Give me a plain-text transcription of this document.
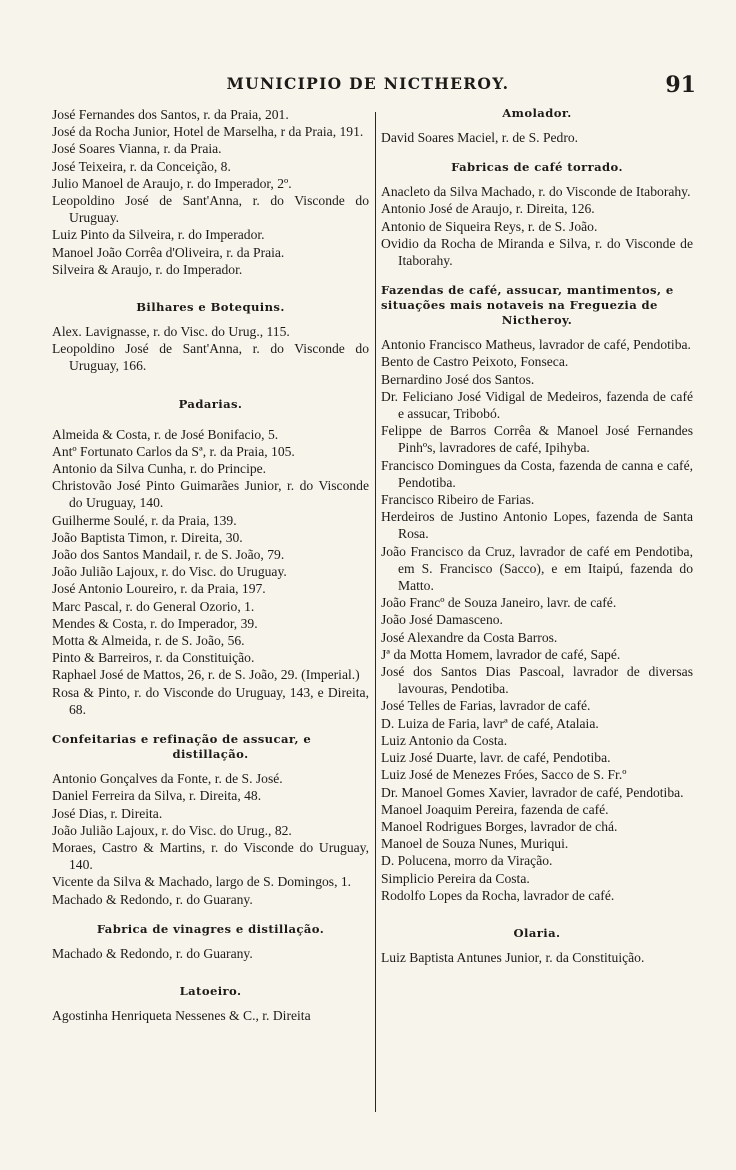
MUNICIPIO DE NICTHEROY.	91

José Fernandes dos Santos, r. da Praia, 201.

José da Rocha Junior, Hotel de Marselha, r da Praia, 191.

José Soares Vianna, r. da Praia.

José Teixeira, r. da Conceição, 8.

Julio Manoel de Araujo, r. do Imperador, 2º.

Leopoldino José de Sant'Anna, r. do Visconde do Uruguay.

Luiz Pinto da Silveira, r. do Imperador.

Manoel João Corrêa d'Oliveira, r. da Praia.

Silveira & Araujo, r. do Imperador.

Bilhares e Botequins.

Alex. Lavignasse, r. do Visc. do Urug., 115.

Leopoldino José de Sant'Anna, r. do Visconde do Uruguay, 166.

Padarias.

Almeida & Costa, r. de José Bonifacio, 5.

Antº Fortunato Carlos da Sª, r. da Praia, 105.

Antonio da Silva Cunha, r. do Principe.

Christovão José Pinto Guimarães Junior, r. do Visconde do Uruguay, 140.

Guilherme Soulé, r. da Praia, 139.

João Baptista Timon, r. Direita, 30.

João dos Santos Mandail, r. de S. João, 79.

João Julião Lajoux, r. do Visc. do Uruguay.

José Antonio Loureiro, r. da Praia, 197.

Marc Pascal, r. do General Ozorio, 1.

Mendes & Costa, r. do Imperador, 39.

Motta & Almeida, r. de S. João, 56.

Pinto & Barreiros, r. da Constituição.

Raphael José de Mattos, 26, r. de S. João, 29. (Imperial.)

Rosa & Pinto, r. do Visconde do Uruguay, 143, e Direita, 68.

Confeitarias e refinação de assucar, e distillação.

Antonio Gonçalves da Fonte, r. de S. José.

Daniel Ferreira da Silva, r. Direita, 48.

José Dias, r. Direita.

João Julião Lajoux, r. do Visc. do Urug., 82.

Moraes, Castro & Martins, r. do Visconde do Uruguay, 140.

Vicente da Silva & Machado, largo de S. Domingos, 1.

Machado & Redondo, r. do Guarany.

Fabrica de vinagres e distillação.

Machado & Redondo, r. do Guarany.

Latoeiro.

Agostinha Henriqueta Nessenes & C., r. Direita

Amolador.

David Soares Maciel, r. de S. Pedro.

Fabricas de café torrado.

Anacleto da Silva Machado, r. do Visconde de Itaborahy.

Antonio José de Araujo, r. Direita, 126.

Antonio de Siqueira Reys, r. de S. João.

Ovidio da Rocha de Miranda e Silva, r. do Visconde de Itaborahy.

Fazendas de café, assucar, mantimentos, e situações mais notaveis na Freguezia de Nictheroy.

Antonio Francisco Matheus, lavrador de café, Pendotiba.

Bento de Castro Peixoto, Fonseca.

Bernardino José dos Santos.

Dr. Feliciano José Vidigal de Medeiros, fazenda de café e assucar, Tribobó.

Felippe de Barros Corrêa & Manoel José Fernandes Pinhºs, lavradores de café, Ipihyba.

Francisco Domingues da Costa, fazenda de canna e café, Pendotiba.

Francisco Ribeiro de Farias.

Herdeiros de Justino Antonio Lopes, fazenda de Santa Rosa.

João Francisco da Cruz, lavrador de café em Pendotiba, em S. Francisco (Sacco), e em Itaipú, fazenda do Matto.

João Francº de Souza Janeiro, lavr. de café.

João José Damasceno.

José Alexandre da Costa Barros.

Jª da Motta Homem, lavrador de café, Sapé.

José dos Santos Dias Pascoal, lavrador de diversas lavouras, Pendotiba.

José Telles de Farias, lavrador de café.

D. Luiza de Faria, lavrª de café, Atalaia.

Luiz Antonio da Costa.

Luiz José Duarte, lavr. de café, Pendotiba.

Luiz José de Menezes Fróes, Sacco de S. Fr.º

Dr. Manoel Gomes Xavier, lavrador de café, Pendotiba.

Manoel Joaquim Pereira, fazenda de café.

Manoel Rodrigues Borges, lavrador de chá.

Manoel de Souza Nunes, Muriqui.

D. Polucena, morro da Viração.

Simplicio Pereira da Costa.

Rodolfo Lopes da Rocha, lavrador de café.

Olaria.

Luiz Baptista Antunes Junior, r. da Constituição.
